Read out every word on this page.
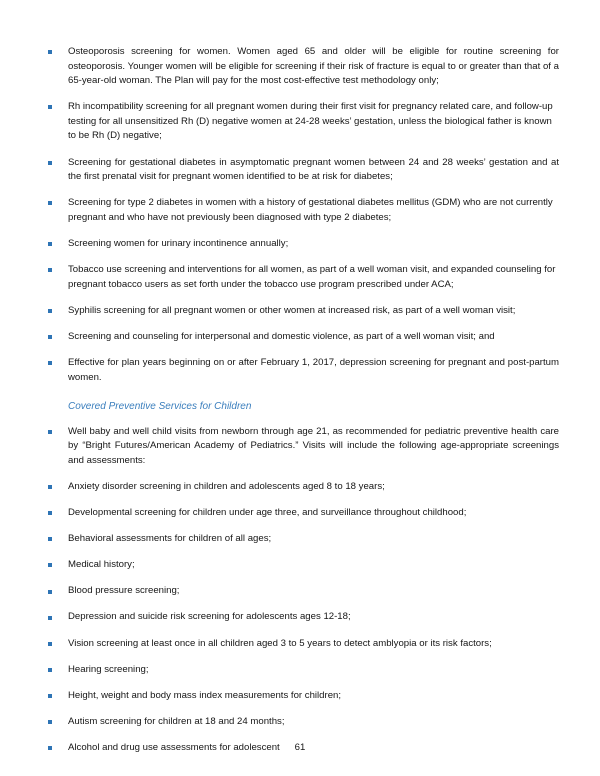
Osteoporosis screening for women. Women aged 65 and older will be eligible for routine screening for osteoporosis. Younger women will be eligible for screening if their risk of fracture is equal to or greater than that of a 65-year-old woman. The Plan will pay for the most cost-effective test methodology only;
Rh incompatibility screening for all pregnant women during their first visit for pregnancy related care, and follow-up testing for all unsensitized Rh (D) negative women at 24-28 weeks’ gestation, unless the biological father is known to be Rh (D) negative;
Screening for gestational diabetes in asymptomatic pregnant women between 24 and 28 weeks’ gestation and at the first prenatal visit for pregnant women identified to be at risk for diabetes;
Screening for type 2 diabetes in women with a history of gestational diabetes mellitus (GDM) who are not currently pregnant and who have not previously been diagnosed with type 2 diabetes;
Screening women for urinary incontinence annually;
Tobacco use screening and interventions for all women, as part of a well woman visit, and expanded counseling for pregnant tobacco users as set forth under the tobacco use program prescribed under ACA;
Syphilis screening for all pregnant women or other women at increased risk, as part of a well woman visit;
Screening and counseling for interpersonal and domestic violence, as part of a well woman visit; and
Effective for plan years beginning on or after February 1, 2017, depression screening for pregnant and post-partum women.
Covered Preventive Services for Children
Well baby and well child visits from newborn through age 21, as recommended for pediatric preventive health care by “Bright Futures/American Academy of Pediatrics.” Visits will include the following age-appropriate screenings and assessments:
Anxiety disorder screening in children and adolescents aged 8 to 18 years;
Developmental screening for children under age three, and surveillance throughout childhood;
Behavioral assessments for children of all ages;
Medical history;
Blood pressure screening;
Depression and suicide risk screening for adolescents ages 12-18;
Vision screening at least once in all children aged 3 to 5 years to detect amblyopia or its risk factors;
Hearing screening;
Height, weight and body mass index measurements for children;
Autism screening for children at 18 and 24 months;
Alcohol and drug use assessments for adolescent	61
